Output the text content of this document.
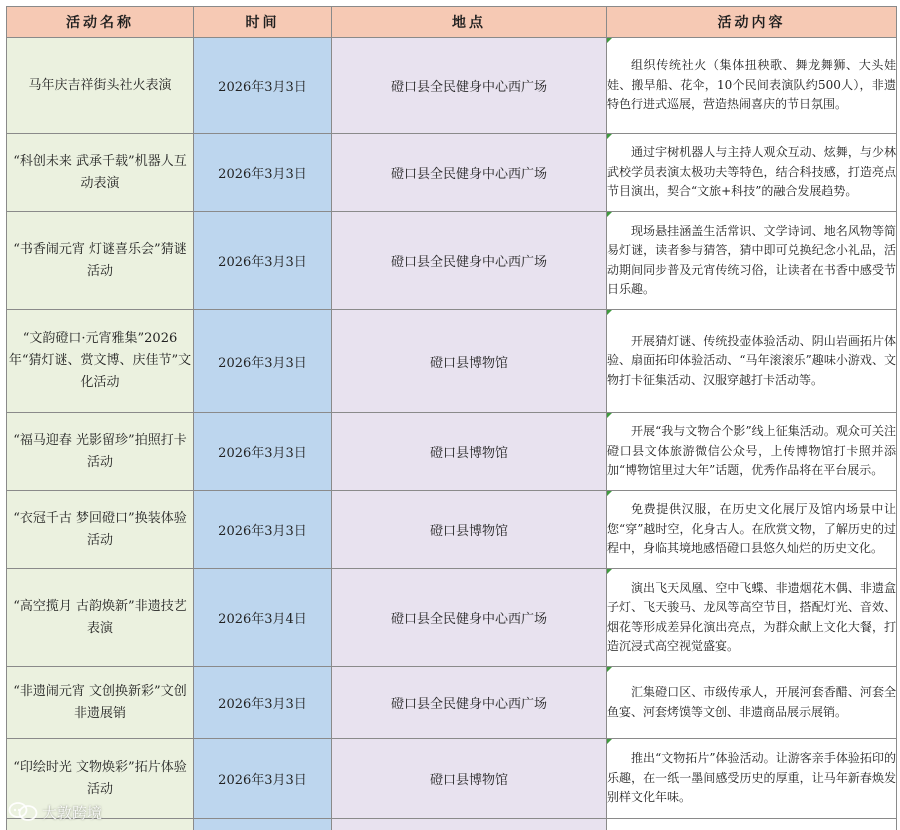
活动名称	时间	地点	活动内容
马年庆吉祥街头社火表演	2026年3月3日	磴口县全民健身中心西广场	组织传统社火（集体扭秧歌、舞龙舞狮、大头娃娃、搬旱船、花伞，10个民间表演队约500人），非遗特色行进式巡展，营造热闹喜庆的节日氛围。

“科创未来 武承千载”机器人互动表演	2026年3月3日	磴口县全民健身中心西广场	通过宇树机器人与主持人观众互动、炫舞，与少林武校学员表演太极功夫等特色，结合科技感，打造亮点节目演出，契合“文旅+科技”的融合发展趋势。

“书香闹元宵 灯谜喜乐会”猜谜活动	2026年3月3日	磴口县全民健身中心西广场	现场悬挂涵盖生活常识、文学诗词、地名风物等简易灯谜，读者参与猜答，猜中即可兑换纪念小礼品，活动期间同步普及元宵传统习俗，让读者在书香中感受节日乐趣。

“文韵磴口·元宵雅集”2026年“猜灯谜、赏文博、庆佳节”文化活动	2026年3月3日	磴口县博物馆	开展猜灯谜、传统投壶体验活动、阴山岩画拓片体验、扇面拓印体验活动、“马年滚滚乐”趣味小游戏、文物打卡征集活动、汉服穿越打卡活动等。

“福马迎春 光影留珍”拍照打卡活动	2026年3月3日	磴口县博物馆	开展“我与文物合个影”线上征集活动。观众可关注磴口县文体旅游微信公众号，上传博物馆打卡照并添加“博物馆里过大年”话题，优秀作品将在平台展示。

“衣冠千古 梦回磴口”换装体验活动	2026年3月3日	磴口县博物馆	免费提供汉服，在历史文化展厅及馆内场景中让您“穿”越时空，化身古人。在欣赏文物，了解历史的过程中，身临其境地感悟磴口县悠久灿烂的历史文化。

“高空揽月 古韵焕新”非遗技艺表演	2026年3月4日	磴口县全民健身中心西广场	演出飞天凤凰、空中飞蝶、非遗烟花木偶、非遗盒子灯、飞天骏马、龙凤等高空节目，搭配灯光、音效、烟花等形成差异化演出亮点，为群众献上文化大餐，打造沉浸式高空视觉盛宴。

“非遗闹元宵 文创换新彩”文创非遗展销	2026年3月3日	磴口县全民健身中心西广场	汇集磴口区、市级传承人，开展河套香醋、河套全鱼宴、河套烤馍等文创、非遗商品展示展销。

“印绘时光 文物焕彩”拓片体验活动	2026年3月3日	磴口县博物馆	推出“文物拓片”体验活动。让游客亲手体验拓印的乐趣，在一纸一墨间感受历史的厚重，让马年新春焕发别样文化年味。

大敦跨境
